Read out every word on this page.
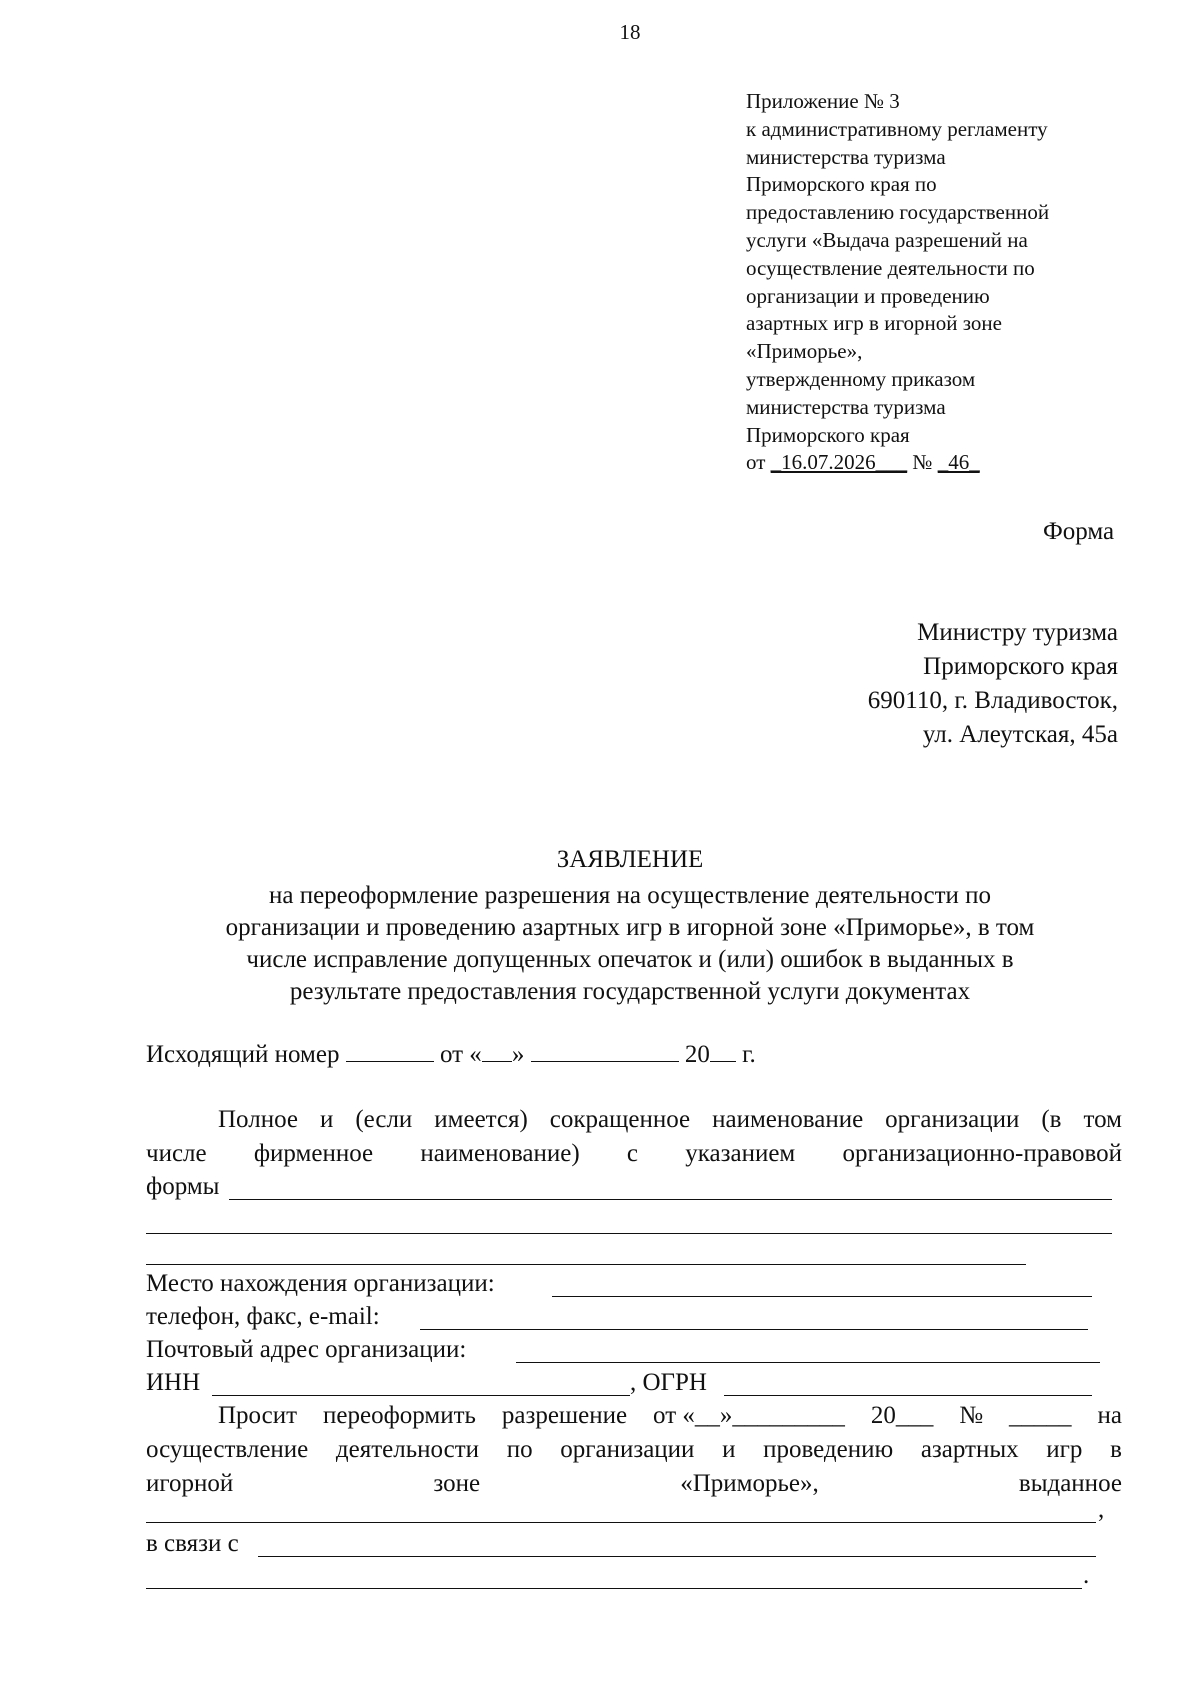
18
Приложение № 3
к административному регламенту
министерства туризма
Приморского края по
предоставлению государственной
услуги «Выдача разрешений на
осуществление деятельности по
организации и проведению
азартных игр в игорной зоне
«Приморье»,
утвержденному приказом
министерства туризма
Приморского края
от _16.07.2026___ № _46_
Форма
Министру туризма
Приморского края
690110, г. Владивосток,
ул. Алеутская, 45а
ЗАЯВЛЕНИЕ
на переоформление разрешения на осуществление деятельности по
организации и проведению азартных игр в игорной зоне «Приморье», в том
числе исправление допущенных опечаток и (или) ошибок в выданных в
результате предоставления государственной услуги документах
Исходящий номер	от « »	20 г.
Полное и (если имеется) сокращенное наименование организации (в том
числе фирменное наименование) с указанием организационно-правовой
формы
Место нахождения организации:
телефон, факс, e-mail:
Почтовый адрес организации:
ИНН	, ОГРН
Просит переоформить разрешение от «__»_________ 20___ № _____ на
осуществление деятельности по организации и проведению азартных игр в
игорной	зоне	«Приморье»,	выданное
,
в связи с
.
